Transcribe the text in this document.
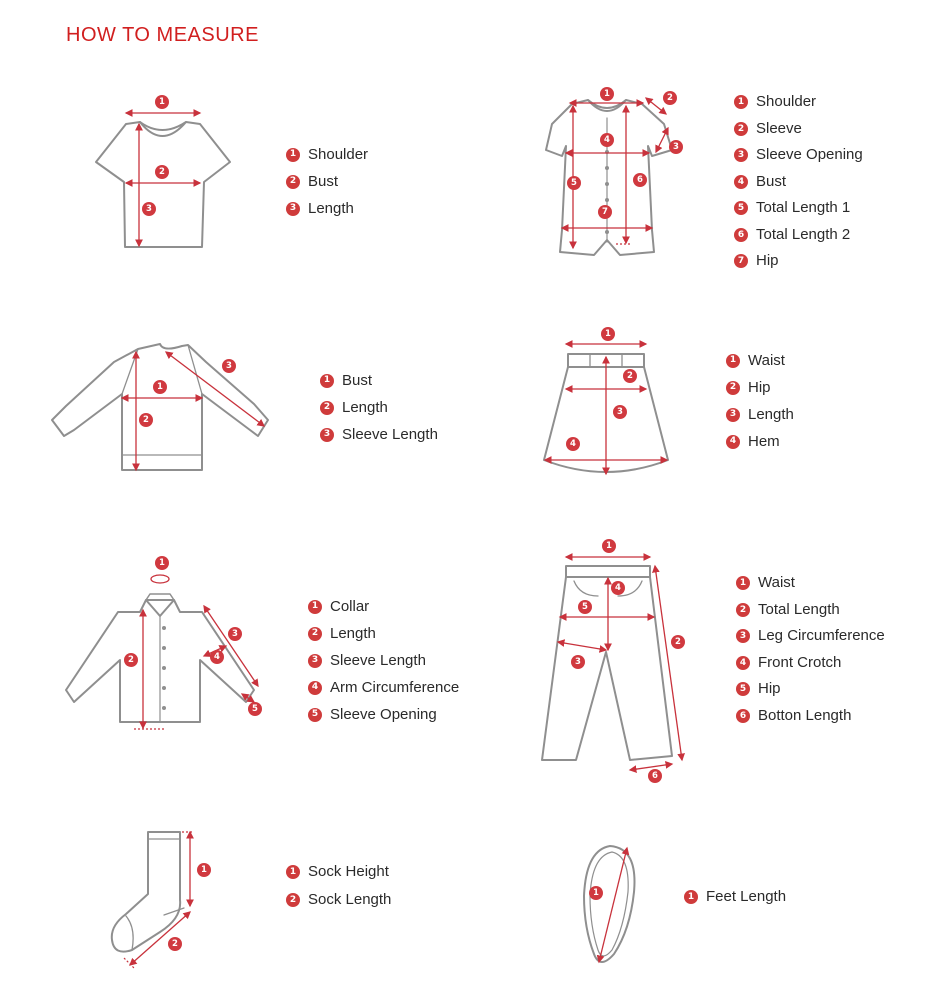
HOW TO MEASURE
1
2
3
1	2
3
4
5	6
7
1
2
3
1
2
3
4
1
2
3
4
5
1
2
3
4
5
6
1
2
1
1 Shoulder
2 Bust
3 Length
1 Shoulder
2 Sleeve
3 Sleeve Opening
4 Bust
5 Total Length 1
6 Total Length 2
7 Hip
1 Bust
2 Length
3 Sleeve Length
1 Waist
2 Hip
3 Length
4 Hem
1 Collar
2 Length
3 Sleeve Length
4 Arm Circumference
5 Sleeve Opening
1 Waist
2 Total Length
3 Leg Circumference
4 Front Crotch
5 Hip
6 Botton Length
1 Sock Height
2 Sock Length	1 Feet Length
